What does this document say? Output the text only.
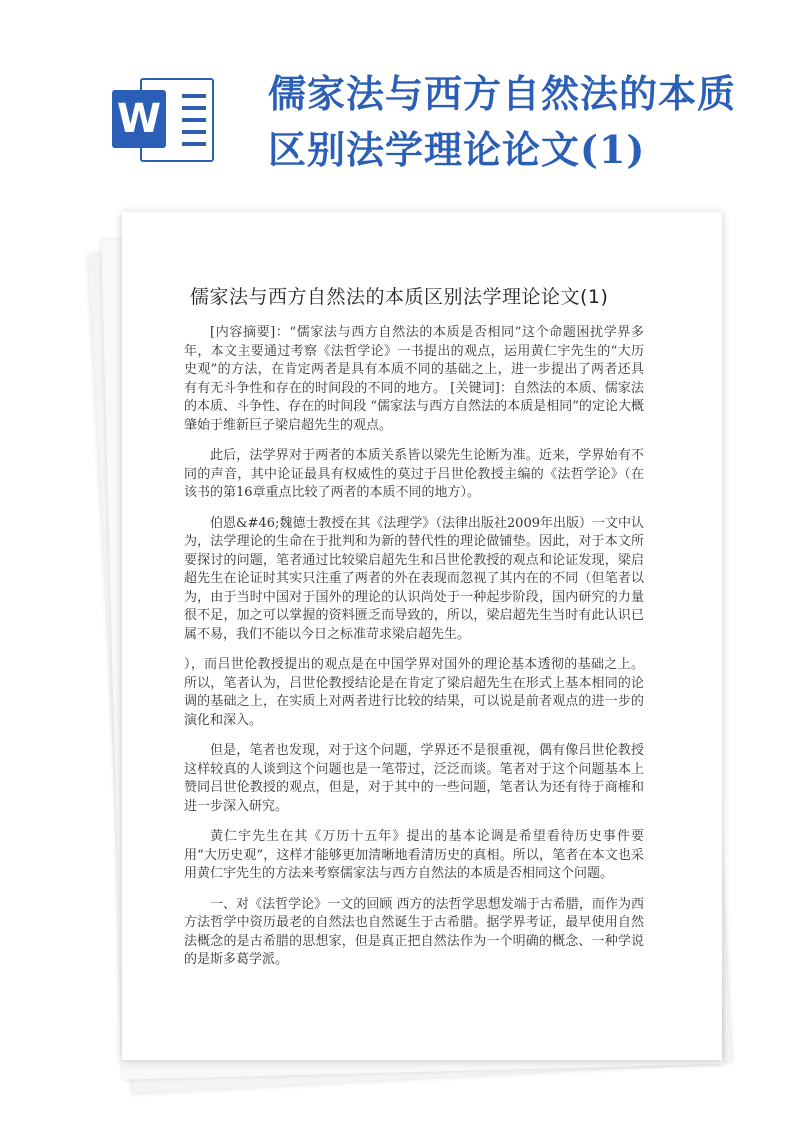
W
儒家法与西方自然法的本质区别法学理论论文(1)
儒家法与西方自然法的本质区别法学理论论文(1)

[内容摘要]：“儒家法与西方自然法的本质是否相同”这个命题困扰学界多年，本文主要通过考察《法哲学论》一书提出的观点，运用黄仁宇先生的“大历史观”的方法，在肯定两者是具有本质不同的基础之上，进一步提出了两者还具有有无斗争性和存在的时间段的不同的地方。 [关键词]：自然法的本质、儒家法的本质、斗争性、存在的时间段 “儒家法与西方自然法的本质是相同”的定论大概肇始于维新巨子梁启超先生的观点。

此后，法学界对于两者的本质关系皆以梁先生论断为准。近来，学界始有不同的声音，其中论证最具有权威性的莫过于吕世伦教授主编的《法哲学论》（在该书的第16章重点比较了两者的本质不同的地方）。

伯恩&#46;魏德士教授在其《法理学》（法律出版社2009年出版）一文中认为，法学理论的生命在于批判和为新的替代性的理论做铺垫。因此，对于本文所要探讨的问题，笔者通过比较梁启超先生和吕世伦教授的观点和论证发现，梁启超先生在论证时其实只注重了两者的外在表现而忽视了其内在的不同（但笔者以为，由于当时中国对于国外的理论的认识尚处于一种起步阶段，国内研究的力量很不足，加之可以掌握的资料匮乏而导致的，所以，梁启超先生当时有此认识已属不易，我们不能以今日之标准苛求梁启超先生。

），而吕世伦教授提出的观点是在中国学界对国外的理论基本透彻的基础之上。所以，笔者认为，吕世伦教授结论是在肯定了梁启超先生在形式上基本相同的论调的基础之上，在实质上对两者进行比较的结果，可以说是前者观点的进一步的演化和深入。

但是，笔者也发现，对于这个问题，学界还不是很重视，偶有像吕世伦教授这样较真的人谈到这个问题也是一笔带过，泛泛而谈。笔者对于这个问题基本上赞同吕世伦教授的观点，但是，对于其中的一些问题，笔者认为还有待于商榷和进一步深入研究。

黄仁宇先生在其《万历十五年》提出的基本论调是希望看待历史事件要用“大历史观”，这样才能够更加清晰地看清历史的真相。所以，笔者在本文也采用黄仁宇先生的方法来考察儒家法与西方自然法的本质是否相同这个问题。

一、对《法哲学论》一文的回顾 西方的法哲学思想发端于古希腊，而作为西方法哲学中资历最老的自然法也自然诞生于古希腊。据学界考证，最早使用自然法概念的是古希腊的思想家，但是真正把自然法作为一个明确的概念、一种学说的是斯多葛学派。
